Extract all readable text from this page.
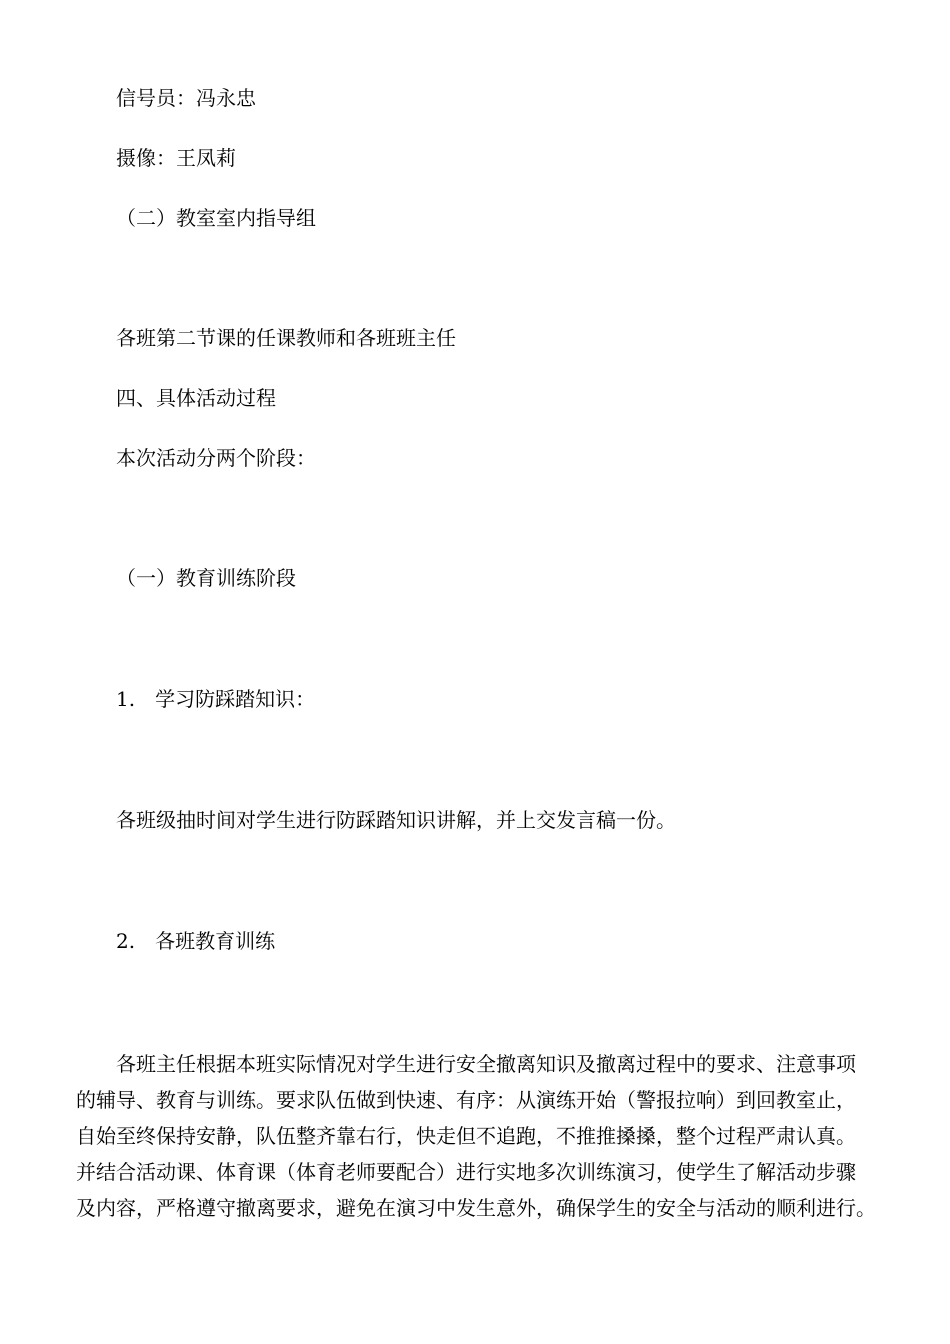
信号员：冯永忠
摄像：王凤莉
（二）教室室内指导组
各班第二节课的任课教师和各班班主任
四、具体活动过程
本次活动分两个阶段：
（一）教育训练阶段
1.　学习防踩踏知识：
各班级抽时间对学生进行防踩踏知识讲解，并上交发言稿一份。
2.　各班教育训练
各班主任根据本班实际情况对学生进行安全撤离知识及撤离过程中的要求、注意事项
的辅导、教育与训练。要求队伍做到快速、有序：从演练开始（警报拉响）到回教室止，
自始至终保持安静，队伍整齐靠右行，快走但不追跑，不推推搡搡，整个过程严肃认真。
并结合活动课、体育课（体育老师要配合）进行实地多次训练演习，使学生了解活动步骤
及内容，严格遵守撤离要求，避免在演习中发生意外，确保学生的安全与活动的顺利进行。
